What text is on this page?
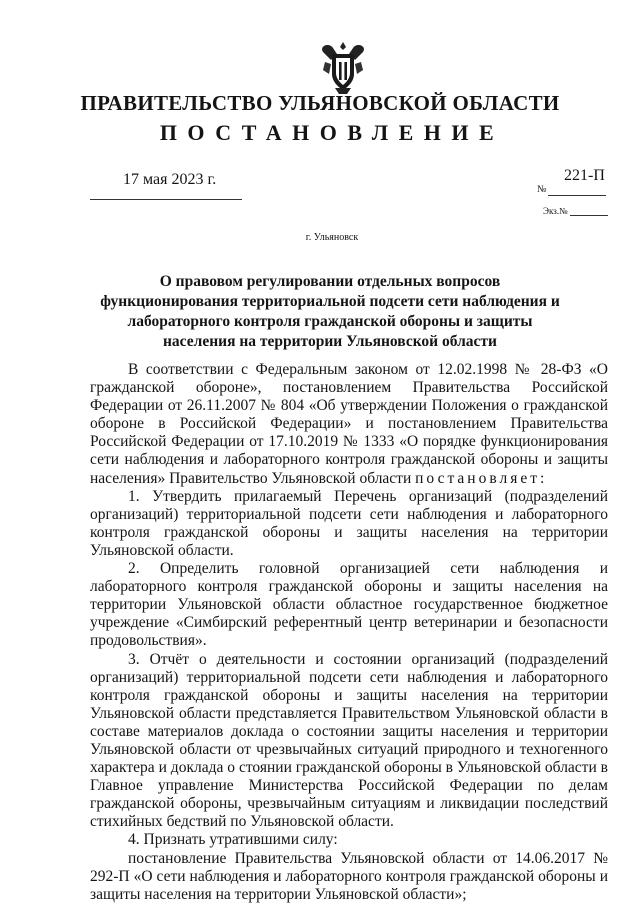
ПРАВИТЕЛЬСТВО УЛЬЯНОВСКОЙ ОБЛАСТИ
ПОСТАНОВЛЕНИЕ
17 мая 2023 г.	221-П
№
Экз.№
г. Ульяновск
О правовом регулировании отдельных вопросов функционирования территориальной подсети сети наблюдения и лабораторного контроля гражданской обороны и защиты населения на территории Ульяновской области

В соответствии с Федеральным законом от 12.02.1998 № 28-ФЗ «О гражданской обороне», постановлением Правительства Российской Федерации от 26.11.2007 № 804 «Об утверждении Положения о гражданской обороне в Российской Федерации» и постановлением Правительства Российской Федерации от 17.10.2019 № 1333 «О порядке функционирования сети наблюдения и лабораторного контроля гражданской обороны и защиты населения» Правительство Ульяновской области постановляет:

1. Утвердить прилагаемый Перечень организаций (подразделений организаций) территориальной подсети сети наблюдения и лабораторного контроля гражданской обороны и защиты населения на территории Ульяновской области.

2. Определить головной организацией сети наблюдения и лабораторного контроля гражданской обороны и защиты населения на территории Ульяновской области областное государственное бюджетное учреждение «Симбирский референтный центр ветеринарии и безопасности продовольствия».

3. Отчёт о деятельности и состоянии организаций (подразделений организаций) территориальной подсети сети наблюдения и лабораторного контроля гражданской обороны и защиты населения на территории Ульяновской области представляется Правительством Ульяновской области в составе материалов доклада о состоянии защиты населения и территории Ульяновской области от чрезвычайных ситуаций природного и техногенного характера и доклада о стоянии гражданской обороны в Ульяновской области в Главное управление Министерства Российской Федерации по делам гражданской обороны, чрезвычайным ситуациям и ликвидации последствий стихийных бедствий по Ульяновской области.

4. Признать утратившими силу:

постановление Правительства Ульяновской области от 14.06.2017 № 292-П «О сети наблюдения и лабораторного контроля гражданской обороны и защиты населения на территории Ульяновской области»;
